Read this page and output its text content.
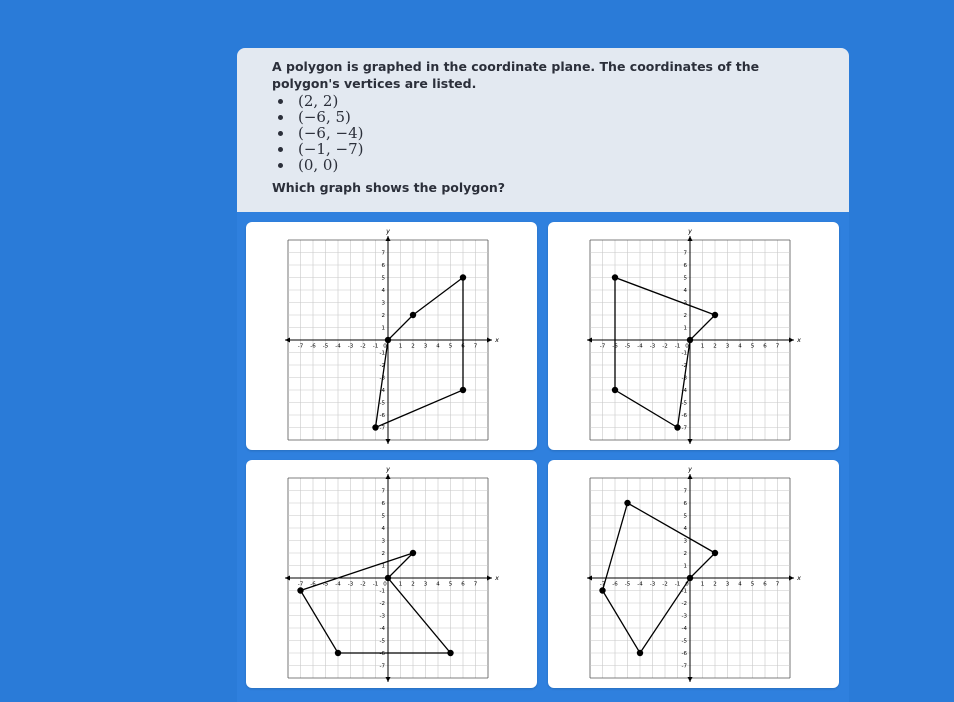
A polygon is graphed in the coordinate plane. The coordinates of the polygon's vertices are listed.

(2, 2)
(−6, 5)
(−6, −4)
(−1, −7)
(0, 0)
Which graph shows the polygon?
x
y
-7 -6 -5 -4 -3 -2 -1 0 1 2 3 4 5 6 7
7
6
5
4
3
2
1
-1
-2
-3
-4
-5
-6
-7
x
y
-7 -6 -5 -4 -3 -2 -1 0 1 2 3 4 5 6 7
7
6
5
4
3
2
1
-1
-2
-3
-4
-5
-6
-7
x
y
-7 -6 -5 -4 -3 -2 -1 0 1 2 3 4 5 6 7
7
6
5
4
3
2
1
-1
-2
-3
-4
-5
-6
-7
x
y
-7 -6 -5 -4 -3 -2 -1 0 1 2 3 4 5 6 7
7
6
5
4
3
2
1
-1
-2
-3
-4
-5
-6
-7
